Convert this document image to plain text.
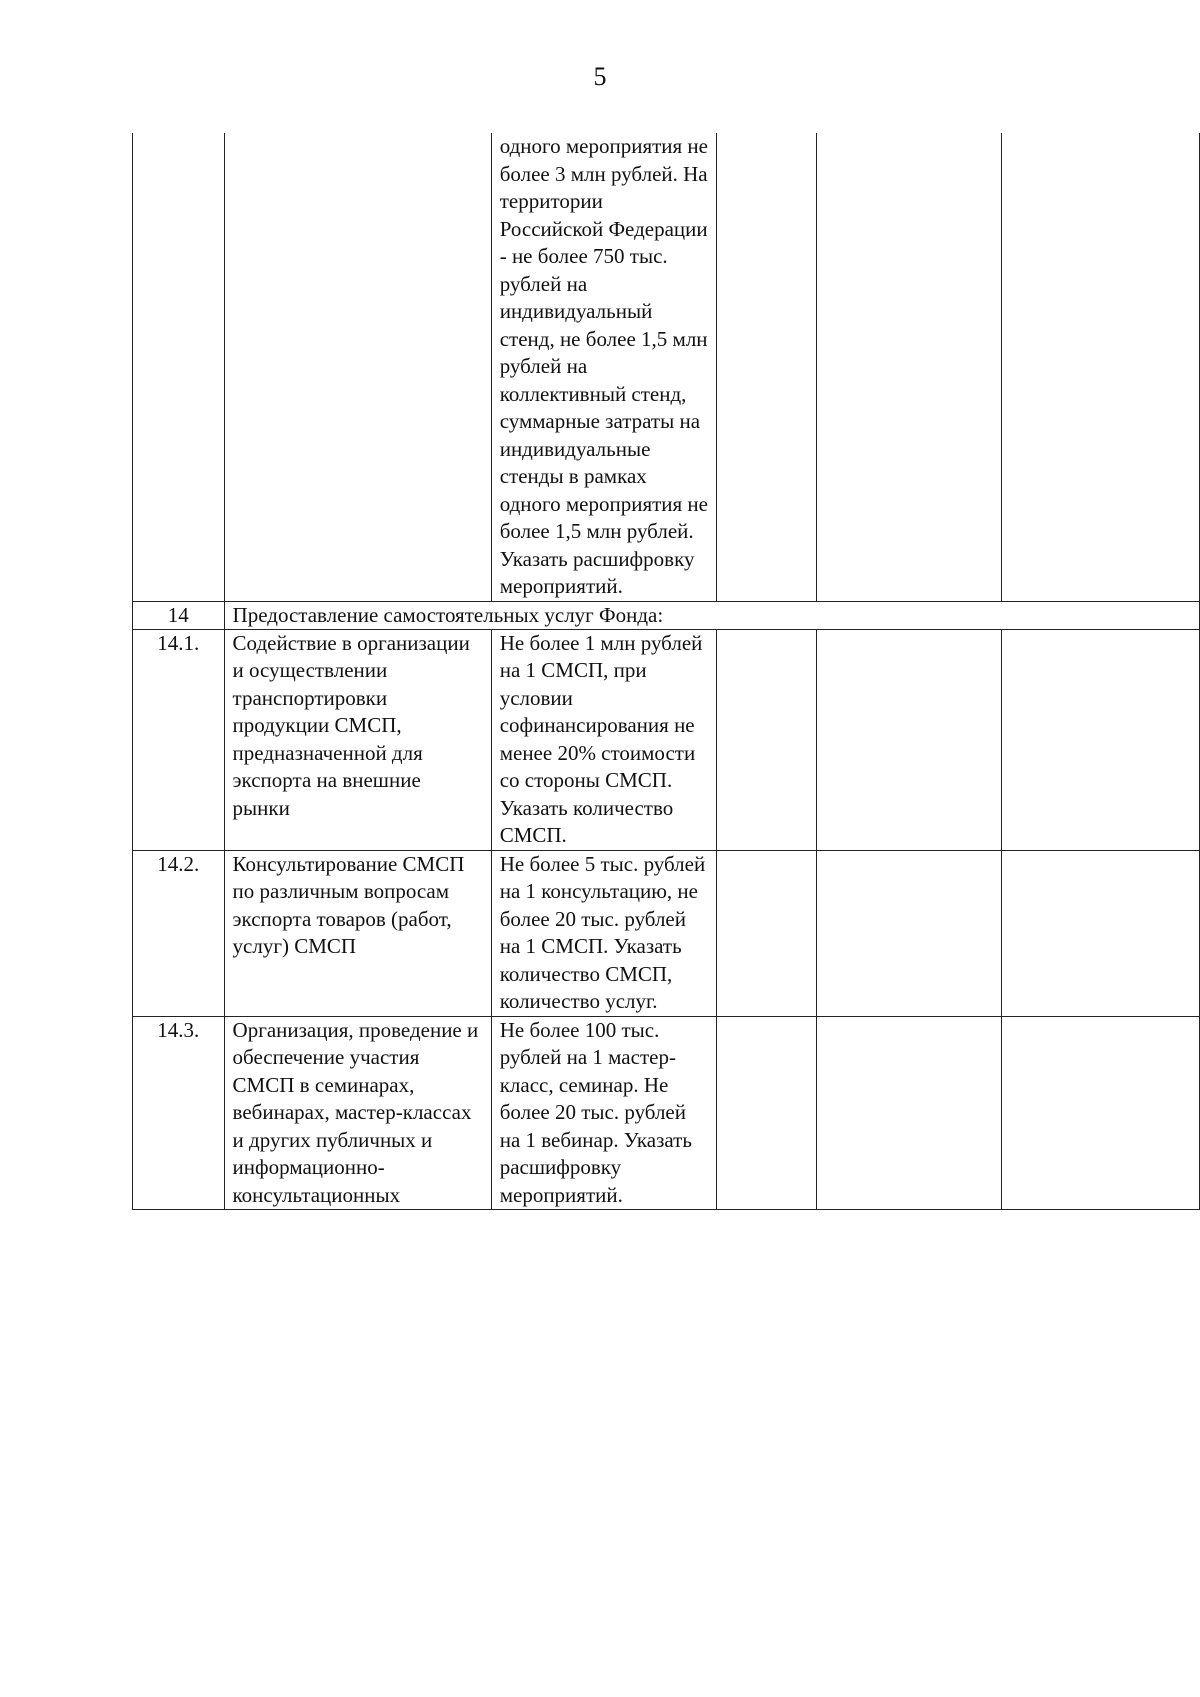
5
		одного мероприятия не более 3 млн рублей. На территории Российской Федерации - не более 750 тыс. рублей на индивидуальный стенд, не более 1,5 млн рублей на коллективный стенд, суммарные затраты на индивидуальные стенды в рамках одного мероприятия не более 1,5 млн рублей. Указать расшифровку мероприятий.			
14	Предоставление самостоятельных услуг Фонда:				
14.1.	Содействие в организации и осуществлении транспортировки продукции СМСП, предназначенной для экспорта на внешние рынки	Не более 1 млн рублей на 1 СМСП, при условии софинансирования не менее 20% стоимости со стороны СМСП. Указать количество СМСП.			
14.2.	Консультирование СМСП по различным вопросам экспорта товаров (работ, услуг) СМСП	Не более 5 тыс. рублей на 1 консультацию, не более 20 тыс. рублей на 1 СМСП. Указать количество СМСП, количество услуг.			
14.3.	Организация, проведение и обеспечение участия СМСП в семинарах, вебинарах, мастер-классах и других публичных и информационно-консультационных	Не более 100 тыс. рублей на 1 мастер-класс, семинар. Не более 20 тыс. рублей на 1 вебинар. Указать расшифровку мероприятий.			
